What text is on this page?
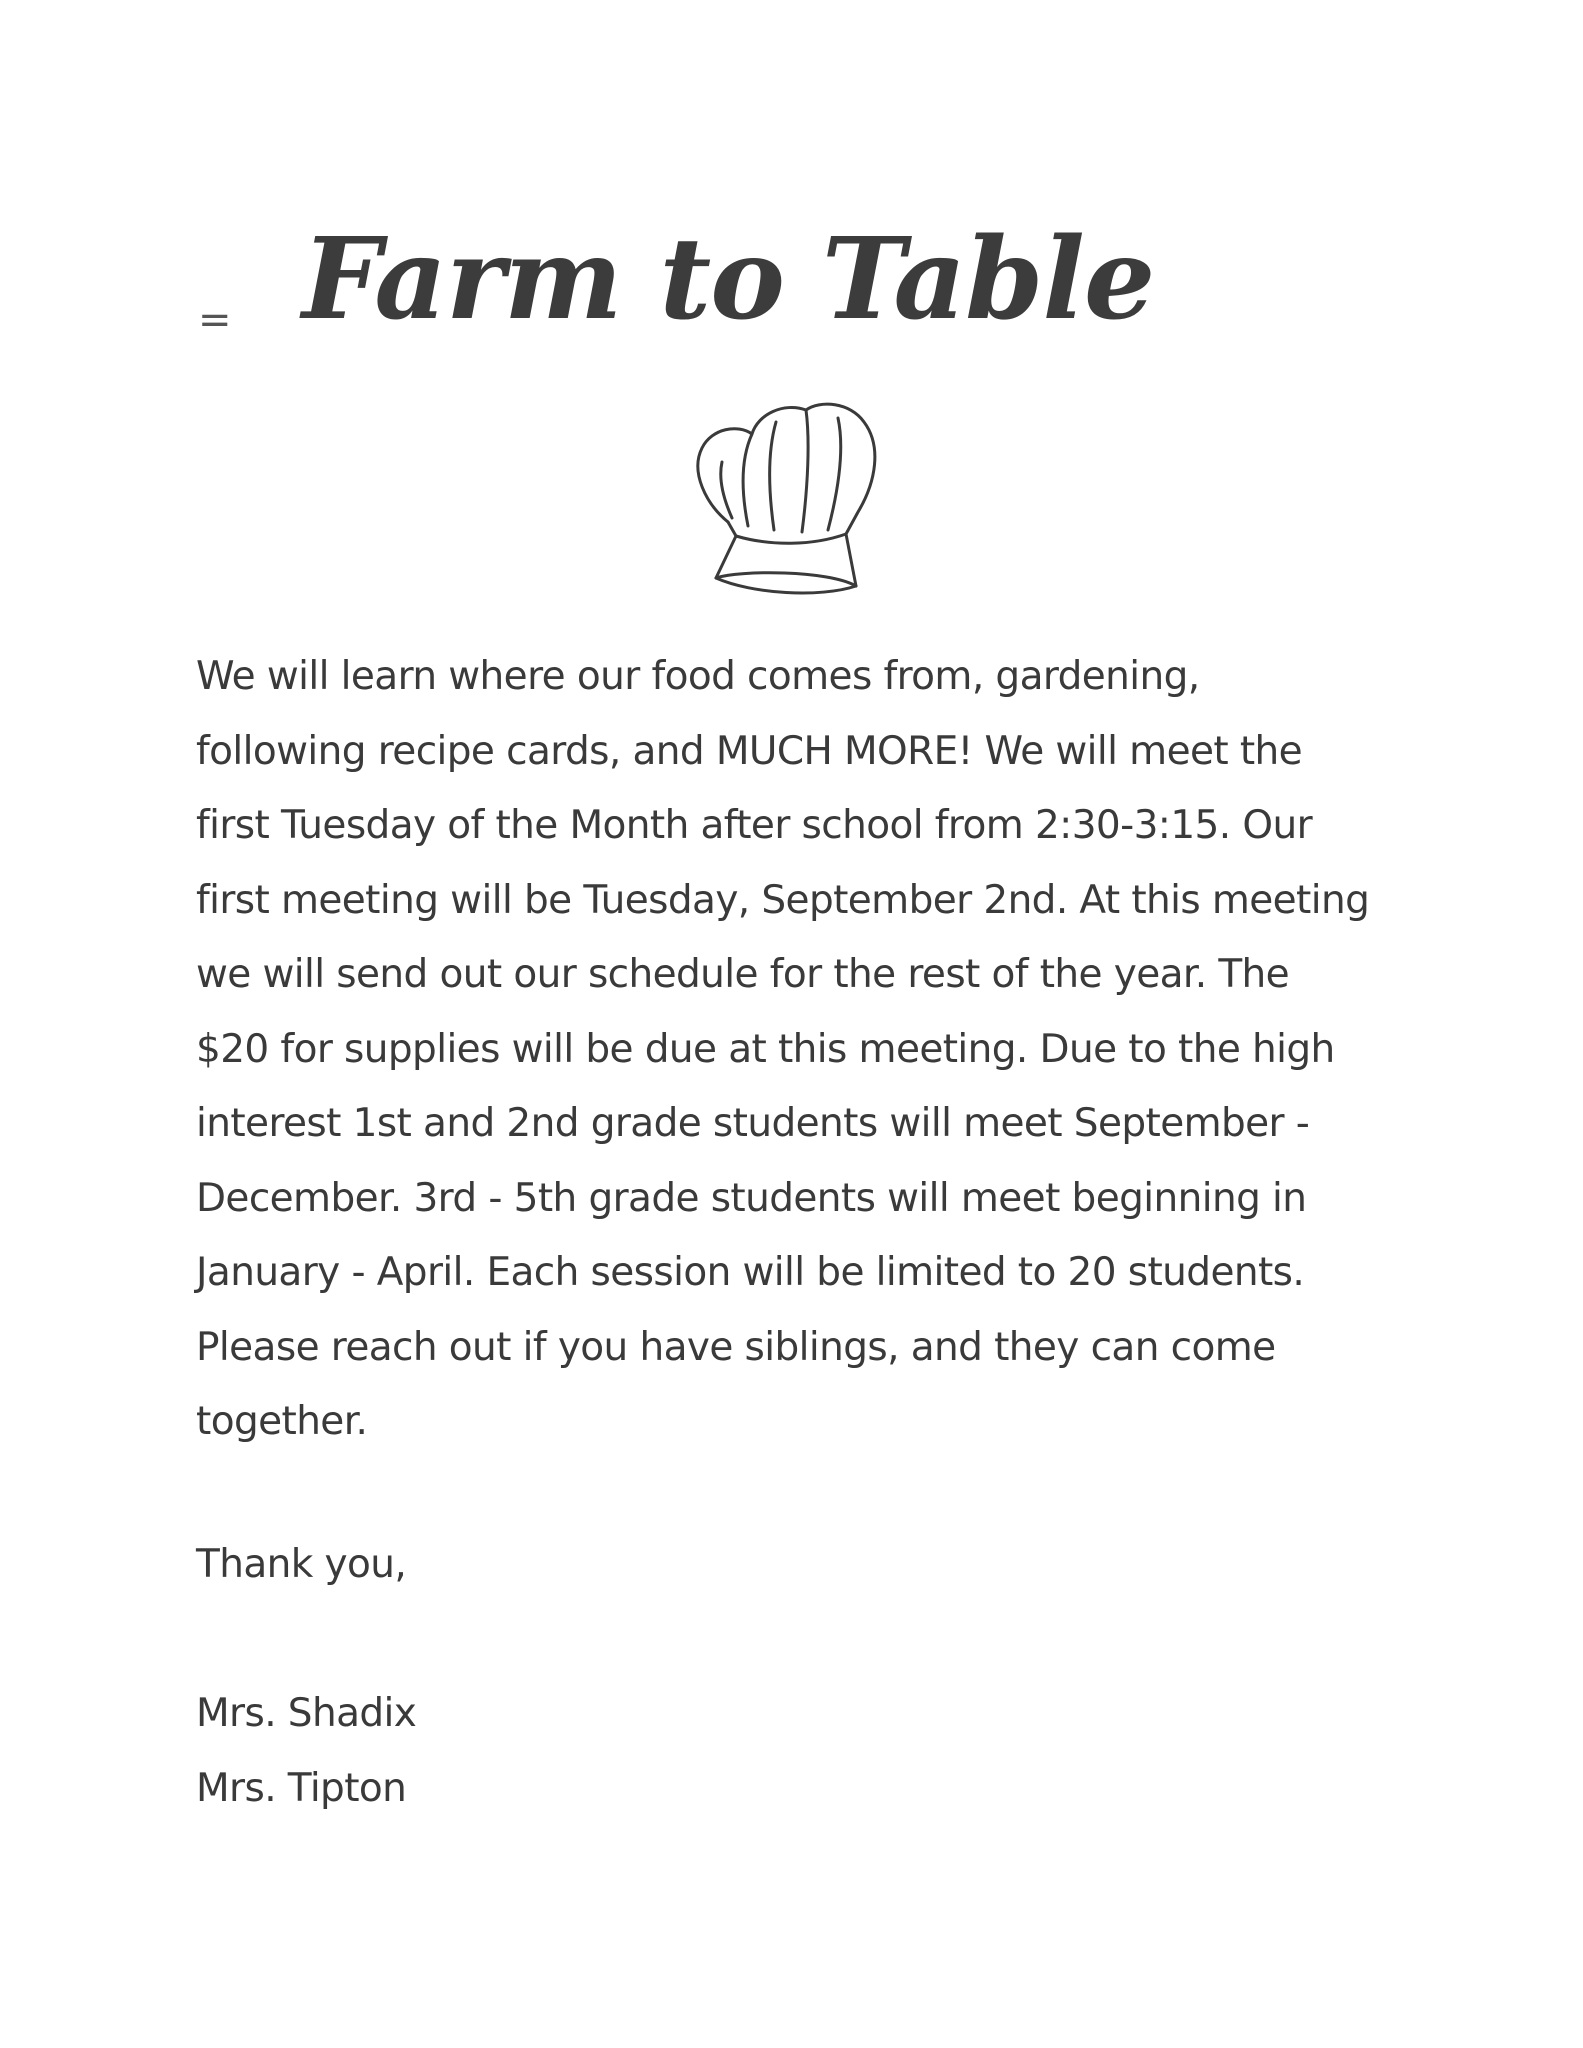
= Farm to Table
We will learn where our food comes from, gardening,
following recipe cards, and MUCH MORE! We will meet the
first Tuesday of the Month after school from 2:30-3:15. Our
first meeting will be Tuesday, September 2nd. At this meeting
we will send out our schedule for the rest of the year. The
$20 for supplies will be due at this meeting. Due to the high
interest 1st and 2nd grade students will meet September -
December. 3rd - 5th grade students will meet beginning in
January - April. Each session will be limited to 20 students.
Please reach out if you have siblings, and they can come
together.

Thank you,

Mrs. Shadix
Mrs. Tipton
